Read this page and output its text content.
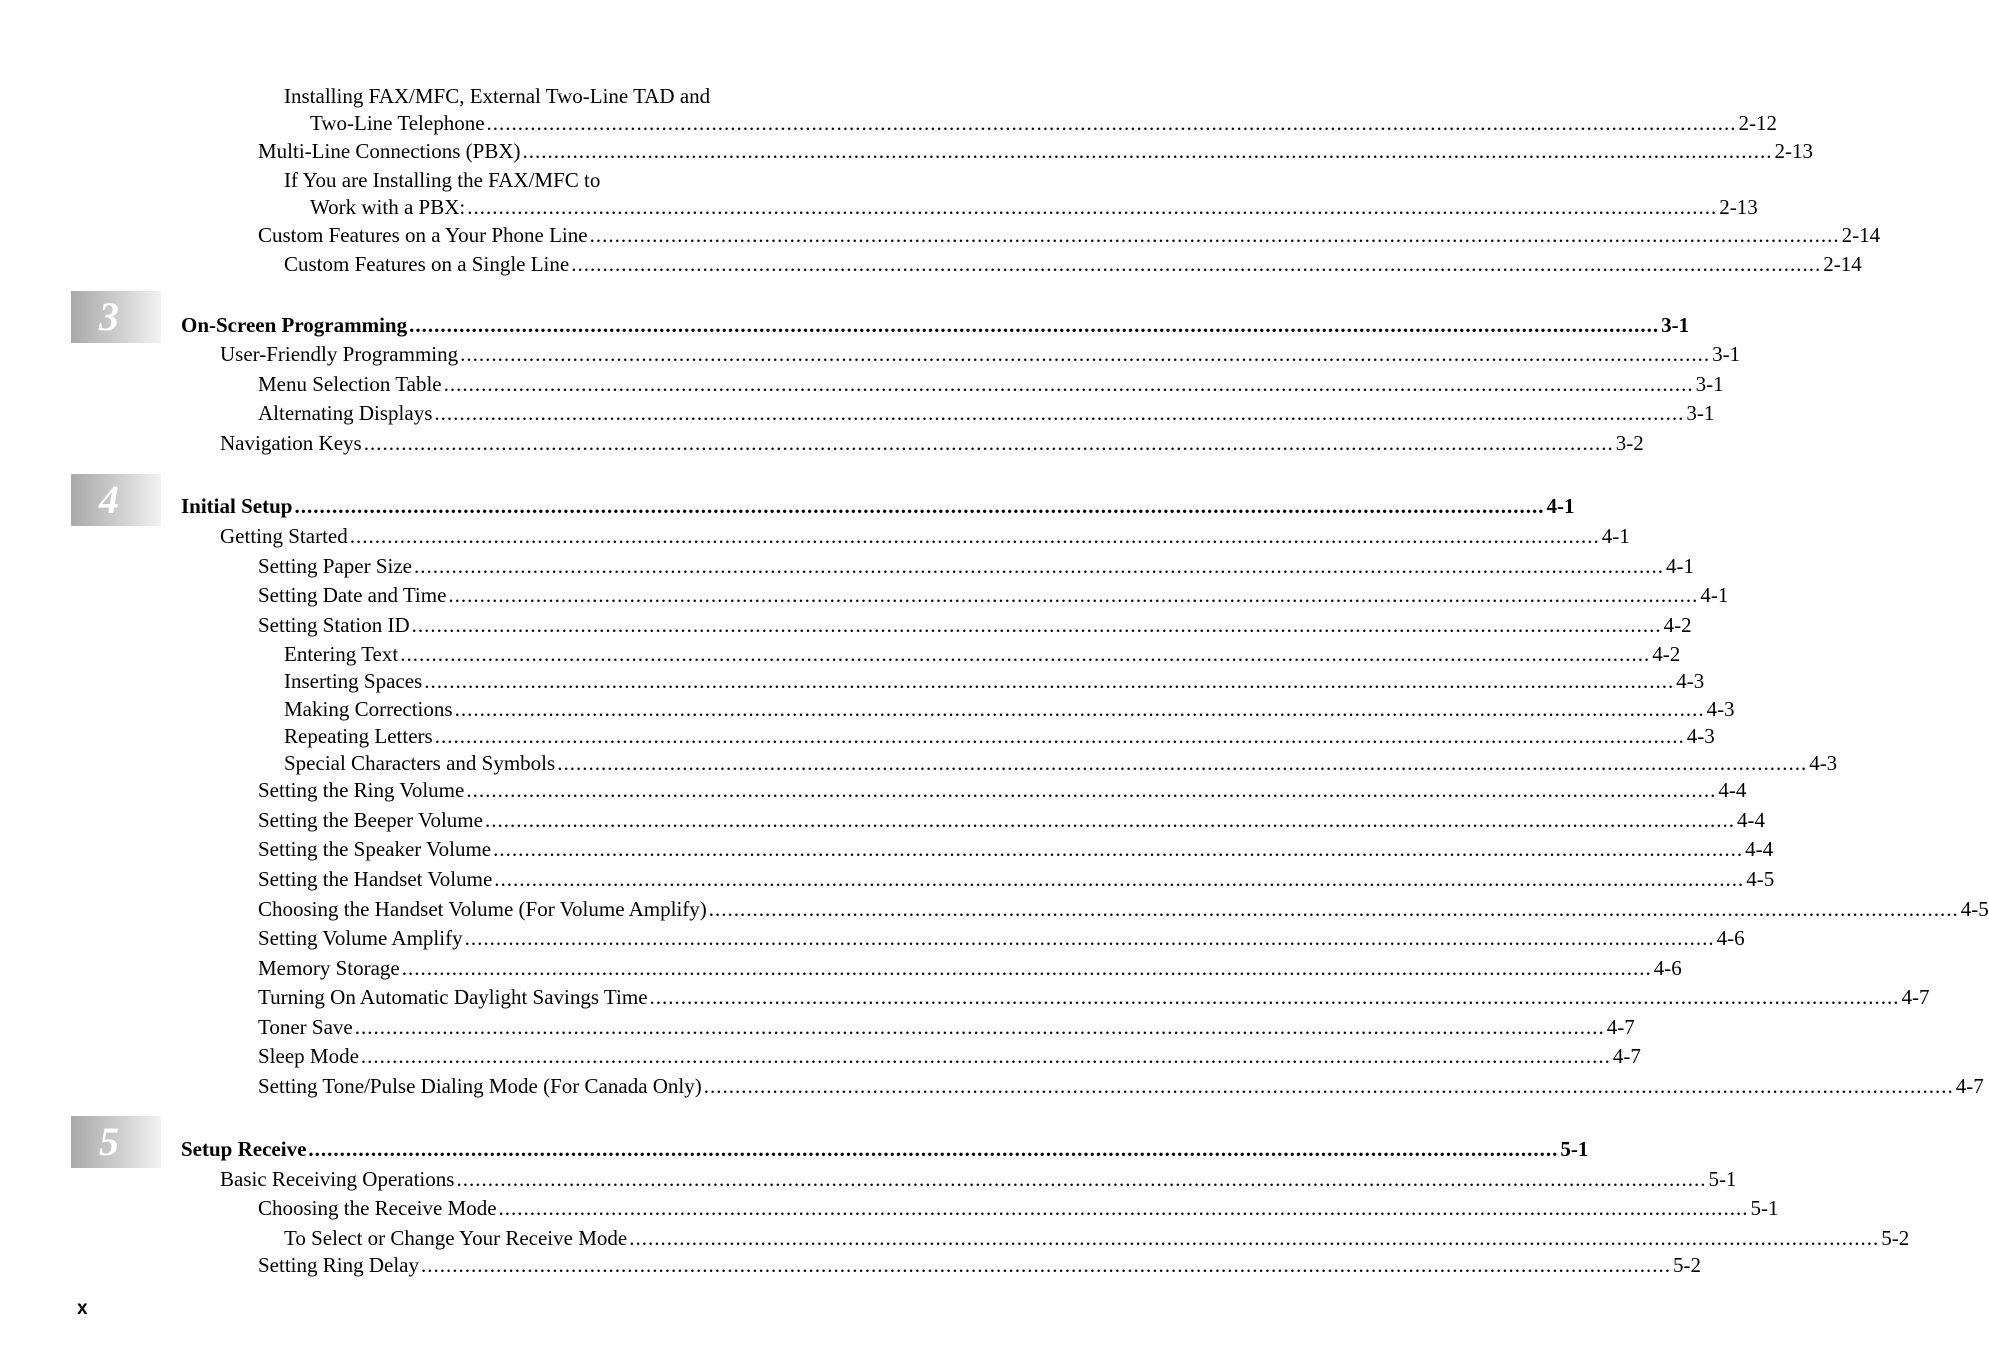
Installing FAX/MFC, External Two-Line TAD and
Two-Line Telephone ........................................................................................................................................................................................................ 2-12
Multi-Line Connections (PBX) ........................................................................................................................................................................................................ 2-13
If You are Installing the FAX/MFC to
Work with a PBX: ........................................................................................................................................................................................................ 2-13
Custom Features on a Your Phone Line ........................................................................................................................................................................................................ 2-14
Custom Features on a Single Line ........................................................................................................................................................................................................ 2-14
3	On-Screen Programming ........................................................................................................................................................................................................ 3-1
User-Friendly Programming ........................................................................................................................................................................................................ 3-1
Menu Selection Table ........................................................................................................................................................................................................ 3-1
Alternating Displays ........................................................................................................................................................................................................ 3-1
Navigation Keys ........................................................................................................................................................................................................ 3-2
4	Initial Setup ........................................................................................................................................................................................................ 4-1
Getting Started ........................................................................................................................................................................................................ 4-1
Setting Paper Size ........................................................................................................................................................................................................ 4-1
Setting Date and Time ........................................................................................................................................................................................................ 4-1
Setting Station ID ........................................................................................................................................................................................................ 4-2
Entering Text ........................................................................................................................................................................................................ 4-2
Inserting Spaces ........................................................................................................................................................................................................ 4-3
Making Corrections ........................................................................................................................................................................................................ 4-3
Repeating Letters ........................................................................................................................................................................................................ 4-3
Special Characters and Symbols ........................................................................................................................................................................................................ 4-3
Setting the Ring Volume ........................................................................................................................................................................................................ 4-4
Setting the Beeper Volume ........................................................................................................................................................................................................ 4-4
Setting the Speaker Volume ........................................................................................................................................................................................................ 4-4
Setting the Handset Volume ........................................................................................................................................................................................................ 4-5
Choosing the Handset Volume (For Volume Amplify) ........................................................................................................................................................................................................ 4-5
Setting Volume Amplify ........................................................................................................................................................................................................ 4-6
Memory Storage ........................................................................................................................................................................................................ 4-6
Turning On Automatic Daylight Savings Time ........................................................................................................................................................................................................ 4-7
Toner Save ........................................................................................................................................................................................................ 4-7
Sleep Mode ........................................................................................................................................................................................................ 4-7
Setting Tone/Pulse Dialing Mode (For Canada Only) ........................................................................................................................................................................................................ 4-7
5	Setup Receive ........................................................................................................................................................................................................ 5-1
Basic Receiving Operations ........................................................................................................................................................................................................ 5-1
Choosing the Receive Mode ........................................................................................................................................................................................................ 5-1
To Select or Change Your Receive Mode ........................................................................................................................................................................................................ 5-2
Setting Ring Delay ........................................................................................................................................................................................................ 5-2
x
